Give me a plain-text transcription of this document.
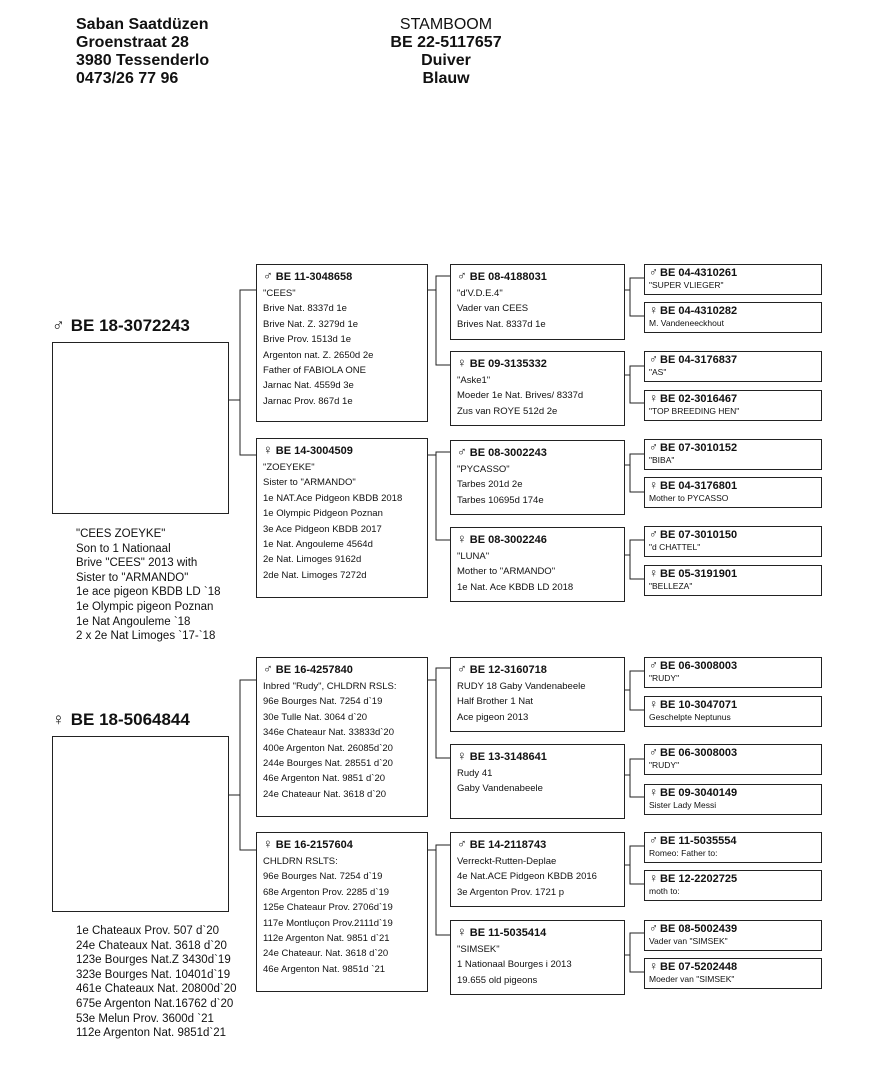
Saban Saatdüzen
Groenstraat 28
3980 Tessenderlo
0473/26 77 96
STAMBOOM
BE 22-5117657
Duiver
Blauw
♂ BE 18-3072243
"CEES ZOEYKE"
Son to 1 Nationaal
Brive "CEES" 2013 with
Sister to "ARMANDO"
1e ace pigeon KBDB LD `18
1e Olympic pigeon Poznan
1e Nat Angouleme `18
2 x 2e Nat Limoges `17-`18
♀ BE 18-5064844
1e Chateaux Prov. 507 d`20
24e Chateaux Nat. 3618 d`20
123e Bourges Nat.Z 3430d`19
323e Bourges Nat. 10401d`19
461e Chateaux Nat. 20800d`20
675e Argenton Nat.16762 d`20
53e Melun Prov. 3600d `21
112e Argenton Nat. 9851d`21
♂ BE 11-3048658
"CEES"
Brive Nat. 8337d 1e
Brive Nat. Z. 3279d 1e
Brive Prov. 1513d 1e
Argenton nat. Z. 2650d 2e
Father of FABIOLA ONE
Jarnac Nat. 4559d 3e
Jarnac Prov. 867d 1e
♀ BE 14-3004509
"ZOEYEKE"
Sister to "ARMANDO"
1e NAT.Ace Pidgeon KBDB 2018
1e Olympic Pidgeon Poznan
3e Ace Pidgeon KBDB 2017
1e Nat. Angouleme 4564d
2e Nat. Limoges 9162d
2de Nat. Limoges 7272d
♂ BE 16-4257840
Inbred "Rudy", CHLDRN RSLS:
96e Bourges Nat. 7254 d`19
30e Tulle Nat. 3064 d`20
346e Chateaur Nat. 33833d`20
400e Argenton Nat. 26085d`20
244e Bourges Nat. 28551 d`20
46e Argenton Nat. 9851 d`20
24e Chateaur Nat. 3618 d`20
♀ BE 16-2157604
CHLDRN RSLTS:
96e Bourges Nat. 7254 d`19
68e Argenton Prov. 2285 d`19
125e Chateaur Prov. 2706d`19
117e Montluçon Prov.2111d`19
112e Argenton Nat. 9851 d`21
24e Chateaur. Nat. 3618 d`20
46e Argenton Nat. 9851d `21
♂ BE 08-4188031
"d'V.D.E.4"
Vader van CEES
Brives Nat. 8337d 1e
♀ BE 09-3135332
"Aske1"
Moeder 1e Nat. Brives/ 8337d
Zus van ROYE 512d 2e
♂ BE 08-3002243
"PYCASSO"
Tarbes 201d 2e
Tarbes 10695d 174e
♀ BE 08-3002246
"LUNA"
Mother to "ARMANDO"
1e Nat. Ace KBDB LD 2018
♂ BE 12-3160718
RUDY 18 Gaby Vandenabeele
Half Brother 1 Nat
Ace pigeon 2013
♀ BE 13-3148641
Rudy 41
Gaby Vandenabeele
♂ BE 14-2118743
Verreckt-Rutten-Deplae
4e Nat.ACE Pidgeon KBDB 2016
3e Argenton Prov. 1721 p
♀ BE 11-5035414
"SIMSEK"
1 Nationaal Bourges i 2013
19.655 old pigeons
♂ BE 04-4310261
"SUPER VLIEGER"
♀ BE 04-4310282
M. Vandeneeckhout
♂ BE 04-3176837
"AS"
♀ BE 02-3016467
"TOP BREEDING HEN"
♂ BE 07-3010152
"BIBA"
♀ BE 04-3176801
Mother to PYCASSO
♂ BE 07-3010150
"d CHATTEL"
♀ BE 05-3191901
"BELLEZA"
♂ BE 06-3008003
"RUDY"
♀ BE 10-3047071
Geschelpte Neptunus
♂ BE 06-3008003
"RUDY"
♀ BE 09-3040149
Sister Lady Messi
♂ BE 11-5035554
Romeo: Father to:
♀ BE 12-2202725
moth to:
♂ BE 08-5002439
Vader van "SIMSEK"
♀ BE 07-5202448
Moeder van "SIMSEK"
